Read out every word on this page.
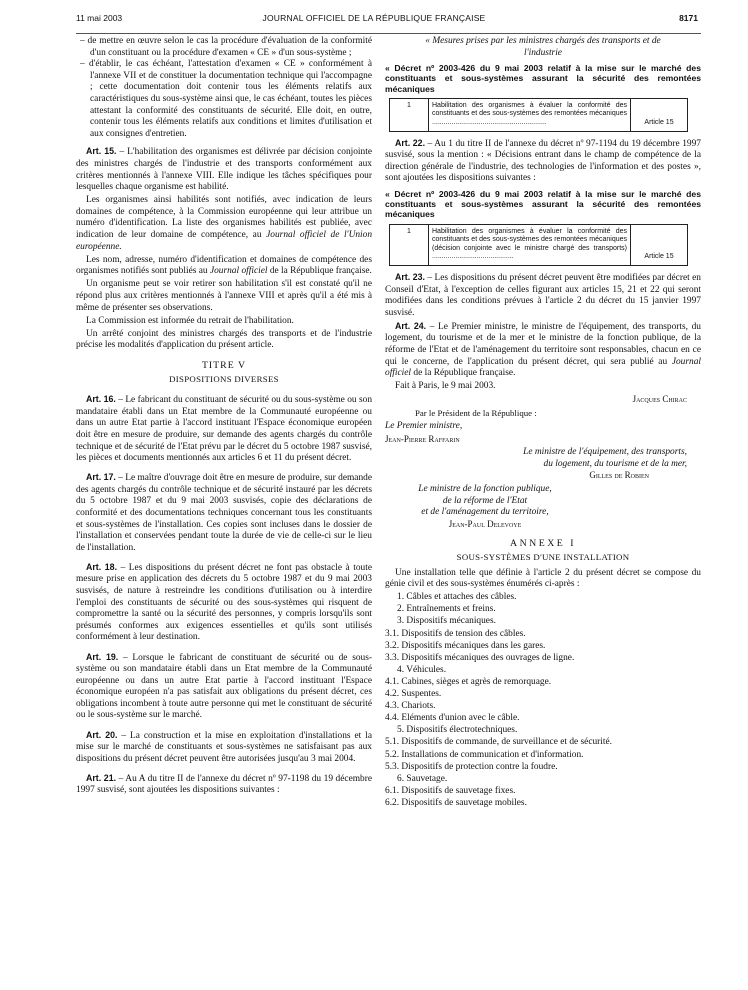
11 mai 2003	JOURNAL OFFICIEL DE LA RÉPUBLIQUE FRANÇAISE	8171

– de mettre en œuvre selon le cas la procédure d'évaluation de la conformité d'un constituant ou la procédure d'examen « CE » d'un sous-système ;

– d'établir, le cas échéant, l'attestation d'examen « CE » conformément à l'annexe VII et de constituer la documentation technique qui l'accompagne ; cette documentation doit contenir tous les éléments relatifs aux caractéristiques du sous-système ainsi que, le cas échéant, toutes les pièces attestant la conformité des constituants de sécurité. Elle doit, en outre, contenir tous les éléments relatifs aux conditions et limites d'utilisation et aux consignes d'entretien.

Art. 15. – L'habilitation des organismes est délivrée par décision conjointe des ministres chargés de l'industrie et des transports conformément aux critères mentionnés à l'annexe VIII. Elle indique les tâches spécifiques pour lesquelles chaque organisme est habilité.

Les organismes ainsi habilités sont notifiés, avec indication de leurs domaines de compétence, à la Commission européenne qui leur attribue un numéro d'identification. La liste des organismes habilités est publiée, avec indication de leur domaine de compétence, au Journal officiel de l'Union européenne.

Les nom, adresse, numéro d'identification et domaines de compétence des organismes notifiés sont publiés au Journal officiel de la République française.

Un organisme peut se voir retirer son habilitation s'il est constaté qu'il ne répond plus aux critères mentionnés à l'annexe VIII et après qu'il a été mis à même de présenter ses observations.

La Commission est informée du retrait de l'habilitation.

Un arrêté conjoint des ministres chargés des transports et de l'industrie précise les modalités d'application du présent article.

TITRE V
DISPOSITIONS DIVERSES

Art. 16. – Le fabricant du constituant de sécurité ou du sous-système ou son mandataire établi dans un Etat membre de la Communauté européenne ou dans un autre Etat partie à l'accord instituant l'Espace économique européen doit être en mesure de produire, sur demande des agents chargés du contrôle technique et de sécurité de l'Etat prévu par le décret du 5 octobre 1987 susvisé, les pièces et documents mentionnés aux articles 6 et 11 du présent décret.

Art. 17. – Le maître d'ouvrage doit être en mesure de produire, sur demande des agents chargés du contrôle technique et de sécurité instauré par les décrets du 5 octobre 1987 et du 9 mai 2003 susvisés, copie des déclarations de conformité et des documentations techniques concernant tous les constituants et sous-systèmes de l'installation. Ces copies sont incluses dans le dossier de l'installation et conservées pendant toute la durée de vie de celle-ci sur le lieu de l'installation.

Art. 18. – Les dispositions du présent décret ne font pas obstacle à toute mesure prise en application des décrets du 5 octobre 1987 et du 9 mai 2003 susvisés, de nature à restreindre les conditions d'utilisation ou à interdire l'emploi des constituants de sécurité ou des sous-systèmes qui risquent de compromettre la santé ou la sécurité des personnes, y compris lorsqu'ils sont présumés conformes aux exigences essentielles et qu'ils sont utilisés conformément à leur destination.

Art. 19. – Lorsque le fabricant de constituant de sécurité ou de sous-système ou son mandataire établi dans un Etat membre de la Communauté européenne ou dans un autre Etat partie à l'accord instituant l'Espace économique européen n'a pas satisfait aux obligations du présent décret, ces obligations incombent à toute autre personne qui met le constituant de sécurité ou le sous-système sur le marché.

Art. 20. – La construction et la mise en exploitation d'installations et la mise sur le marché de constituants et sous-systèmes ne satisfaisant pas aux dispositions du présent décret peuvent être autorisées jusqu'au 3 mai 2004.

Art. 21. – Au A du titre II de l'annexe du décret nº 97-1198 du 19 décembre 1997 susvisé, sont ajoutées les dispositions suivantes :

« Mesures prises par les ministres chargés des transports et de l'industrie

« Décret nº 2003-426 du 9 mai 2003 relatif à la mise sur le marché des constituants et sous-systèmes assurant la sécurité des remontées mécaniques
1	Habilitation des organismes à évaluer la conformité des constituants et des sous-systèmes des remontées mécaniques ...........................................................	Article 15

Art. 22. – Au 1 du titre II de l'annexe du décret nº 97-1194 du 19 décembre 1997 susvisé, sous la mention : « Décisions entrant dans le champ de compétence de la direction générale de l'industrie, des technologies de l'information et des postes », sont ajoutées les dispositions suivantes :

« Décret nº 2003-426 du 9 mai 2003 relatif à la mise sur le marché des constituants et sous-systèmes assurant la sécurité des remontées mécaniques
1	Habilitation des organismes à évaluer la conformité des constituants et des sous-systèmes des remontées mécaniques (décision conjointe avec le ministre chargé des transports) ..........................................	Article 15

Art. 23. – Les dispositions du présent décret peuvent être modifiées par décret en Conseil d'Etat, à l'exception de celles figurant aux articles 15, 21 et 22 qui seront modifiées dans les conditions prévues à l'article 2 du décret du 15 janvier 1997 susvisé.

Art. 24. – Le Premier ministre, le ministre de l'équipement, des transports, du logement, du tourisme et de la mer et le ministre de la fonction publique, de la réforme de l'Etat et de l'aménagement du territoire sont responsables, chacun en ce qui le concerne, de l'application du présent décret, qui sera publié au Journal officiel de la République française.

Fait à Paris, le 9 mai 2003.

Jacques Chirac

Par le Président de la République :

Le Premier ministre,

Jean-Pierre Raffarin

Le ministre de l'équipement, des transports,
du logement, du tourisme et de la mer,
Gilles de Robien
Le ministre de la fonction publique,
de la réforme de l'Etat
et de l'aménagement du territoire,
Jean-Paul Delevoye
ANNEXE I
SOUS-SYSTÈMES D'UNE INSTALLATION

Une installation telle que définie à l'article 2 du présent décret se compose du génie civil et des sous-systèmes énumérés ci-après :

1. Câbles et attaches des câbles.

2. Entraînements et freins.

3. Dispositifs mécaniques.

3.1. Dispositifs de tension des câbles.

3.2. Dispositifs mécaniques dans les gares.

3.3. Dispositifs mécaniques des ouvrages de ligne.

4. Véhicules.

4.1. Cabines, sièges et agrès de remorquage.

4.2. Suspentes.

4.3. Chariots.

4.4. Eléments d'union avec le câble.

5. Dispositifs électrotechniques.

5.1. Dispositifs de commande, de surveillance et de sécurité.

5.2. Installations de communication et d'information.

5.3. Dispositifs de protection contre la foudre.

6. Sauvetage.

6.1. Dispositifs de sauvetage fixes.

6.2. Dispositifs de sauvetage mobiles.
